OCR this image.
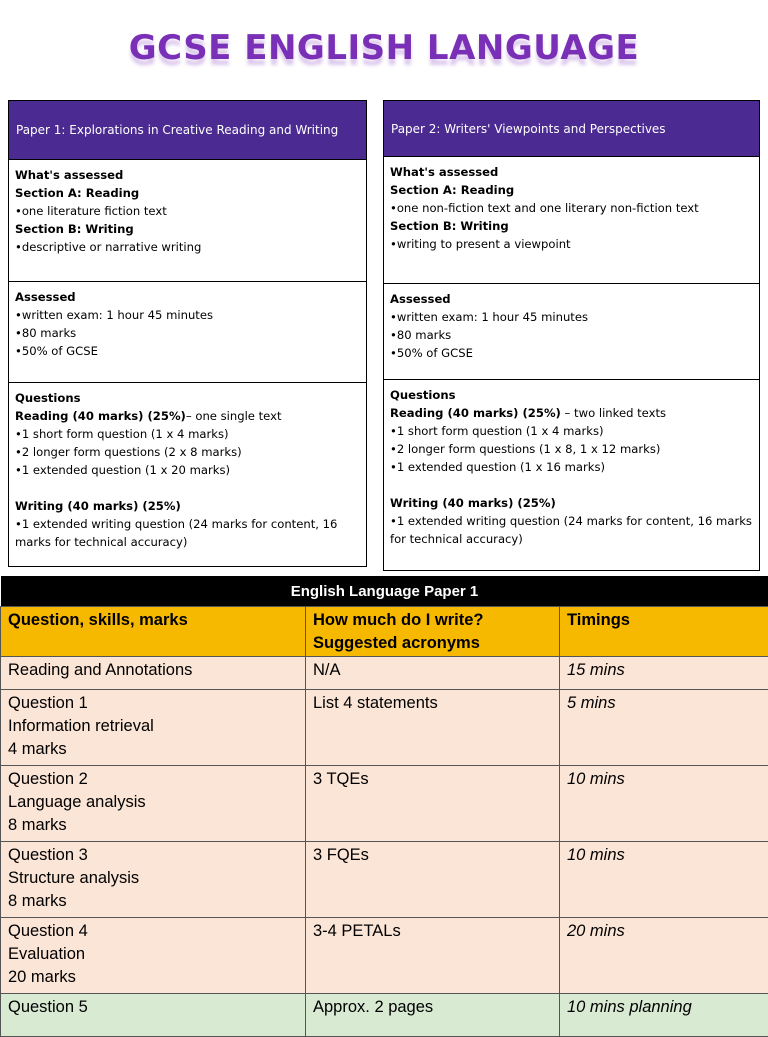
GCSE ENGLISH LANGUAGE
Paper 1: Explorations in Creative Reading and Writing
What's assessed
Section A: Reading
•one literature fiction text
Section B: Writing
•descriptive or narrative writing
Assessed
•written exam: 1 hour 45 minutes
•80 marks
•50% of GCSE
Questions
Reading (40 marks) (25%)– one single text
•1 short form question (1 x 4 marks)
•2 longer form questions (2 x 8 marks)
•1 extended question (1 x 20 marks)
Writing (40 marks) (25%)
•1 extended writing question (24 marks for content, 16 marks for technical accuracy)
Paper 2: Writers' Viewpoints and Perspectives
What's assessed
Section A: Reading
•one non-fiction text and one literary non-fiction text
Section B: Writing
•writing to present a viewpoint
Assessed
•written exam: 1 hour 45 minutes
•80 marks
•50% of GCSE
Questions
Reading (40 marks) (25%) – two linked texts
•1 short form question (1 x 4 marks)
•2 longer form questions (1 x 8, 1 x 12 marks)
•1 extended question (1 x 16 marks)
Writing (40 marks) (25%)
•1 extended writing question (24 marks for content, 16 marks for technical accuracy)
English Language Paper 1		
Question, skills, marks	How much do I write? Suggested acronyms	Timings

Reading and Annotations	N/A	15 mins

Question 1
Information retrieval
4 marks	List 4 statements	5 mins

Question 2
Language analysis
8 marks	3 TQEs	10 mins

Question 3
Structure analysis
8 marks	3 FQEs	10 mins

Question 4
Evaluation
20 marks	3-4 PETALs	20 mins

Question 5	Approx. 2 pages	10 mins planning
